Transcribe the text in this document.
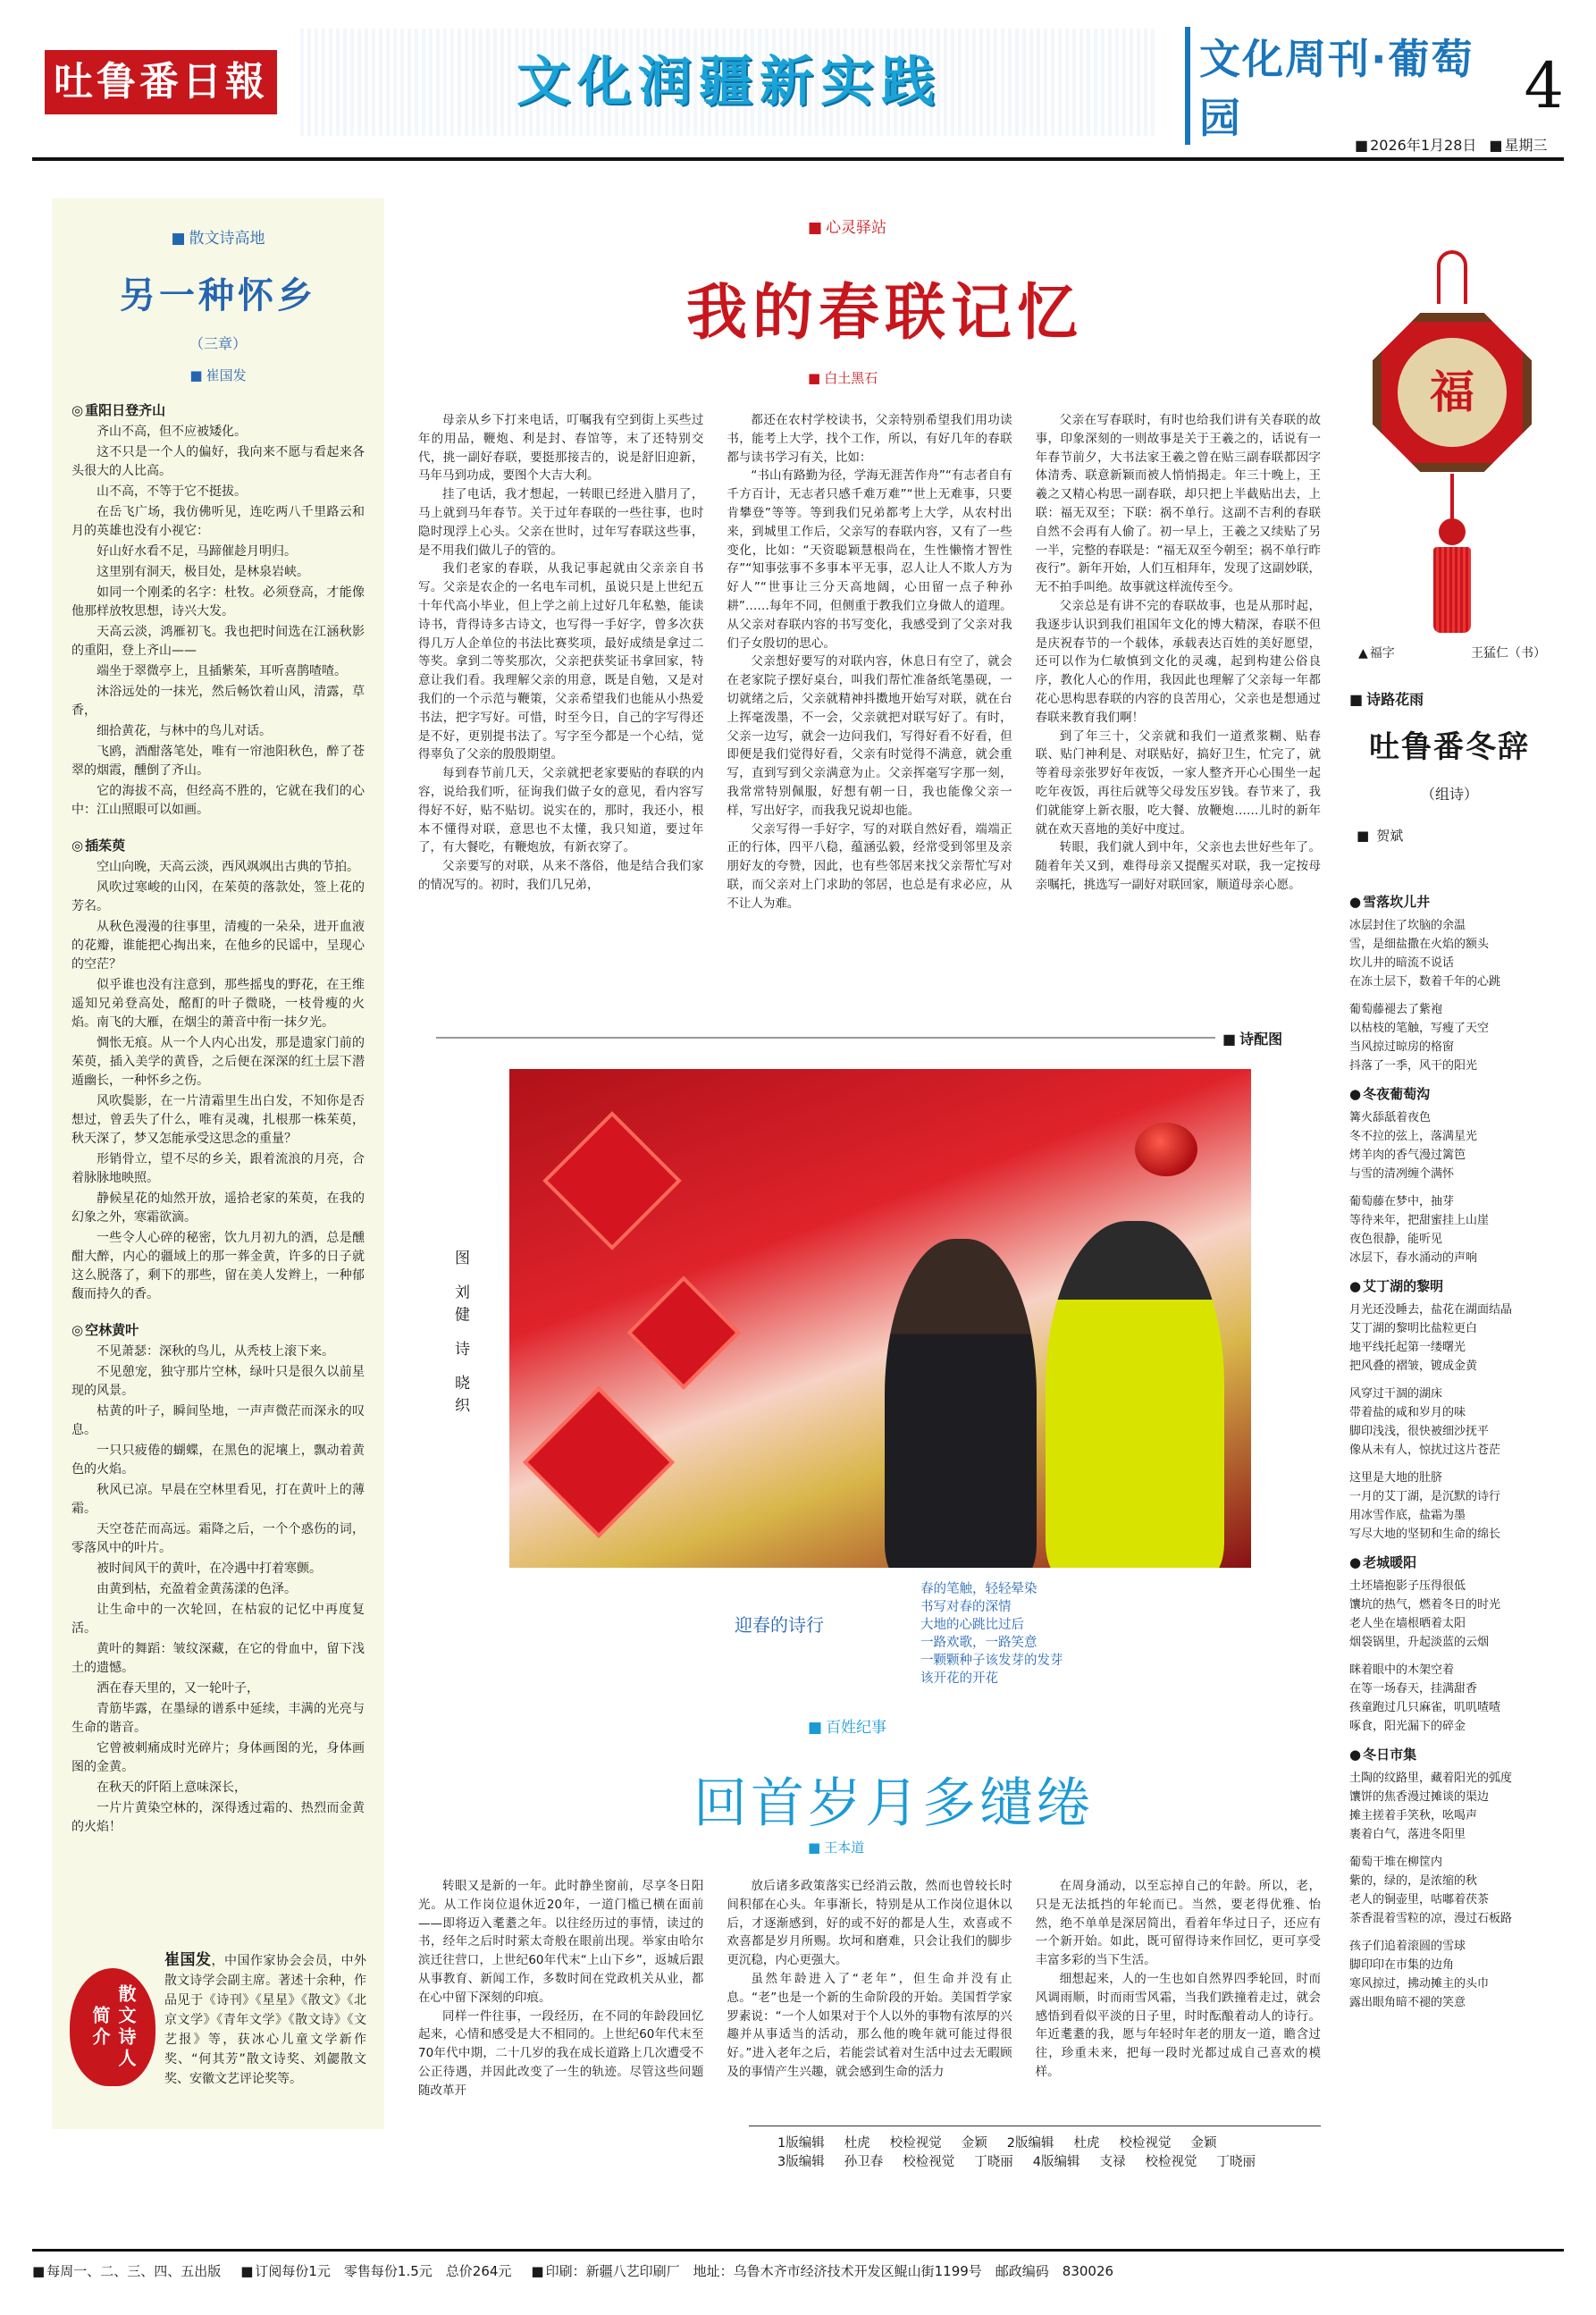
吐鲁番日報	文化润疆新实践	文化周刊·葡萄园	4
■ 2026年1月28日	■ 星期三
■ 散文诗高地
另一种怀乡
（三章）
■ 崔国发
◎ 重阳日登齐山

齐山不高，但不应被矮化。

这不只是一个人的偏好，我向来不愿与看起来各头很大的人比高。

山不高，不等于它不挺拔。

在岳飞广场，我仿佛听见，连吃两八千里路云和月的英雄也没有小视它：

好山好水看不足，马蹄催趁月明归。

这里别有洞天，极目处，是林泉岩峡。

如同一个刚柔的名字：杜牧。必须登高，才能像他那样放牧思想，诗兴大发。

天高云淡，鸿雁初飞。我也把时间选在江涵秋影的重阳，登上齐山——

端坐于翠微亭上，且插紫茱，耳听喜鹊喳喳。

沐浴远处的一抹光，然后畅饮着山风，清露，草香，

细拾黄花，与林中的鸟儿对话。

飞鸥，酒酣落笔处，唯有一帘池阳秋色，醉了苍翠的烟霞，醺倒了齐山。

它的海拔不高，但经高不胜的，它就在我们的心中：江山照眼可以如画。

◎ 插茱萸

空山向晚，天高云淡，西风飒飒出古典的节拍。

风吹过寒峻的山冈，在茱萸的落款处，签上花的芳名。

从秋色漫漫的往事里，清瘦的一朵朵，进开血液的花瓣，谁能把心掏出来，在他乡的民谣中，呈现心的空茫？

似乎谁也没有注意到，那些摇曳的野花，在王维遥知兄弟登高处，酩酊的叶子微晓，一枝骨瘦的火焰。南飞的大雁，在烟尘的萧音中衔一抹夕光。

惆怅无痕。从一个人内心出发，那是遗家门前的茱萸，插入美学的黄昏，之后便在深深的红土层下潜遁幽长，一种怀乡之伤。

风吹鬓影，在一片清霜里生出白发，不知你是否想过，曾丢失了什么，唯有灵魂，扎根那一株茱萸，秋天深了，梦又怎能承受这思念的重量？

形销骨立，望不尽的乡关，跟着流浪的月亮，合着脉脉地映照。

静候星花的灿然开放，遥拾老家的茱萸，在我的幻象之外，寒霜欲滴。

一些令人心碎的秘密，饮九月初九的酒，总是醺酣大醉，内心的疆域上的那一葬金黄，许多的日子就这么脱落了，剩下的那些，留在美人发辫上，一种郁馥而持久的香。

◎ 空林黄叶

不见萧瑟：深秋的鸟儿，从秃枝上滚下来。

不见憩宠，独守那片空林，绿叶只是很久以前星现的风景。

枯黄的叶子，瞬间坠地，一声声微茫而深永的叹息。

一只只疲倦的蝴蝶，在黑色的泥壤上，飘动着黄色的火焰。

秋风已凉。早晨在空林里看见，打在黄叶上的薄霜。

天空苍茫而高远。霜降之后，一个个惑伤的词，零落风中的叶片。

被时间风干的黄叶，在冷遇中打着寒颤。

由黄到枯，充盈着金黄荡漾的色泽。

让生命中的一次轮回，在枯寂的记忆中再度复活。

黄叶的舞蹈：皱纹深藏，在它的骨血中，留下浅土的遗憾。

洒在春天里的，又一轮叶子，

青筋毕露，在墨绿的谱系中延续，丰满的光亮与生命的谐音。

它曾被刺痛成时光碎片；身体画图的光，身体画图的金黄。

在秋天的阡陌上意味深长，

一片片黄染空林的，深得透过霜的、热烈而金黄的火焰！

散文诗人简介
崔国发，中国作家协会会员，中外散文诗学会副主席。著述十余种，作品见于《诗刊》《星星》《散文》《北京文学》《青年文学》《散文诗》《文艺报》等，获冰心儿童文学新作奖、“何其芳”散文诗奖、刘勰散文奖、安徽文艺评论奖等。
■ 心灵驿站
我的春联记忆
■ 白土黑石

母亲从乡下打来电话，叮嘱我有空到街上买些过年的用品，鞭炮、利是封、春馆等，末了还特别交代，挑一副好春联，要挺那接吉的，说是舒旧迎新，马年马到功成，要图个大吉大利。

挂了电话，我才想起，一转眼已经进入腊月了，马上就到马年春节。关于过年春联的一些往事，也时隐时现浮上心头。父亲在世时，过年写春联这些事，是不用我们做儿子的管的。

我们老家的春联，从我记事起就由父亲亲自书写。父亲是农企的一名电车司机，虽说只是上世纪五十年代高小毕业，但上学之前上过好几年私塾，能读诗书，背得诗多古诗文，也写得一手好字，曾多次获得几万人企单位的书法比赛奖项，最好成绩是拿过二等奖。拿到二等奖那次，父亲把获奖证书拿回家，特意让我们看。我理解父亲的用意，既是自勉，又是对我们的一个示范与鞭策，父亲希望我们也能从小热爱书法，把字写好。可惜，时至今日，自己的字写得还是不好，更别提书法了。写字至今都是一个心结，觉得辜负了父亲的殷殷期望。

每到春节前几天，父亲就把老家要贴的春联的内容，说给我们听，征询我们做子女的意见，看内容写得好不好，贴不贴切。说实在的，那时，我还小，根本不懂得对联，意思也不太懂，我只知道，要过年了，有大餐吃，有鞭炮放，有新衣穿了。

父亲要写的对联，从来不落俗，他是结合我们家的情况写的。初时，我们几兄弟，

都还在农村学校读书，父亲特别希望我们用功读书，能考上大学，找个工作，所以，有好几年的春联都与读书学习有关，比如：

“书山有路勤为径，学海无涯苦作舟”“有志者自有千方百计，无志者只感千难万难”“世上无难事，只要肯攀登”等等。等到我们兄弟都考上大学，从农村出来，到城里工作后，父亲写的春联内容，又有了一些变化，比如：“天资聪颖慧根尚在，生性懒惰才智性存”“知事弦事不多事本平无事，忍人让人不欺人方为好人”“世事让三分天高地阔，心田留一点子种孙耕”……每年不同，但侧重于教我们立身做人的道理。从父亲对春联内容的书写变化，我感受到了父亲对我们子女殷切的思心。

父亲想好要写的对联内容，休息日有空了，就会在老家院子摆好桌台，叫我们帮忙准备纸笔墨砚，一切就绪之后，父亲就精神抖擞地开始写对联，就在台上挥毫泼墨，不一会，父亲就把对联写好了。有时，父亲一边写，就会一边问我们，写得好看不好看，但即便是我们觉得好看，父亲有时觉得不满意，就会重写，直到写到父亲满意为止。父亲挥毫写字那一刻，我常常特别佩服，好想有朝一日，我也能像父亲一样，写出好字，而我我兄说却也能。

父亲写得一手好字，写的对联自然好看，端端正正的行体，四平八稳，蕴涵弘毅，经常受到邻里及亲朋好友的夸赞，因此，也有些邻居来找父亲帮忙写对联，而父亲对上门求助的邻居，也总是有求必应，从不让人为难。

父亲在写春联时，有时也给我们讲有关春联的故事，印象深刻的一则故事是关于王羲之的，话说有一年春节前夕，大书法家王羲之曾在贴三副春联都因字体清秀、联意新颖而被人悄悄揭走。年三十晚上，王羲之又精心构思一副春联，却只把上半截贴出去，上联：福无双至；下联：祸不单行。这副不吉利的春联自然不会再有人偷了。初一早上，王羲之又续贴了另一半，完整的春联是：“福无双至今朝至；祸不单行昨夜行”。新年开始，人们互相拜年，发现了这副妙联，无不拍手叫绝。故事就这样流传至今。

父亲总是有讲不完的春联故事，也是从那时起，我逐步认识到我们祖国年文化的博大精深，春联不但是庆祝春节的一个载体，承载表达百姓的美好愿望，还可以作为仁敏慎到文化的灵魂，起到构建公俗良序，教化人心的作用，我因此也理解了父亲每一年都花心思构思春联的内容的良苦用心，父亲也是想通过春联来教育我们啊！

到了年三十，父亲就和我们一道煮浆糊、贴春联、贴门神利是、对联贴好，搞好卫生，忙完了，就等着母亲张罗好年夜饭，一家人整齐开心心围坐一起吃年夜饭，再往后就等父母发压岁钱。春节来了，我们就能穿上新衣服，吃大餐、放鞭炮……儿时的新年就在欢天喜地的美好中度过。

转眼，我们就人到中年，父亲也去世好些年了。随着年关又到，难得母亲又提醒买对联，我一定按母亲嘱托，挑选写一副好对联回家，顺道母亲心愿。

■ 诗配图
图 刘健 诗 晓织
迎春的诗行
春的笔触，轻轻晕染
书写对春的深情
大地的心跳比过后
一路欢歌，一路笑意
一颗颗种子该发芽的发芽
该开花的开花
■ 百姓纪事
回首岁月多缱绻
■ 王本道

转眼又是新的一年。此时静坐窗前，尽享冬日阳光。从工作岗位退休近20年，一道门槛已横在面前——即将迈入耄耋之年。以往经历过的事情，读过的书，经年之后时时萦太奇般在眼前出现。举家由哈尔滨迁往营口，上世纪60年代末“上山下乡”，返城后跟从事教育、新闻工作，多数时间在党政机关从业，都在心中留下深刻的印痕。

同样一件往事，一段经历，在不同的年龄段回忆起来，心情和感受是大不相同的。上世纪60年代末至70年代中期，二十几岁的我在成长道路上几次遭受不公正待遇，并因此改变了一生的轨迹。尽管这些问题随改革开

放后诸多政策落实已经消云散，然而也曾较长时间积郁在心头。年事渐长，特别是从工作岗位退休以后，才逐渐感到，好的或不好的都是人生，欢喜或不欢喜都是岁月所赐。坎坷和磨难，只会让我们的脚步更沉稳，内心更强大。

虽然年龄进入了“老年”，但生命并没有止息。“老”也是一个新的生命阶段的开始。美国哲学家罗素说：“一个人如果对于个人以外的事物有浓厚的兴趣并从事适当的活动，那么他的晚年就可能过得很好。”进入老年之后，若能尝试着对生活中过去无暇顾及的事情产生兴趣，就会感到生命的活力

在周身涌动，以至忘掉自己的年龄。所以，老，只是无法抵挡的年轮而已。当然，要老得优雅、怡然，绝不单单是深居简出，看着年华过日子，还应有一个新开始。如此，既可留得诗来作回忆，更可享受丰富多彩的当下生活。

细想起来，人的一生也如自然界四季轮回，时而风调雨顺，时而雨雪风霜，当我们跌撞着走过，就会感悟到看似平淡的日子里，时时酝酿着动人的诗行。年近耄耋的我，愿与年轻时年老的朋友一道，瞻含过往，珍重未来，把每一段时光都过成自己喜欢的模样。

1版编辑 杜虎 校检视觉 金颖 2版编辑 杜虎 校检视觉 金颖
3版编辑 孙卫春 校检视觉 丁晓丽 4版编辑 支禄 校检视觉 丁晓丽
福
▲ 福字	王猛仁（书）
■ 诗路花雨
吐鲁番冬辞
（组诗）
■ 贺斌
● 雪落坎儿井
冰层封住了坎脑的余温
雪，是细盐撒在火焰的额头
坎儿井的暗流不说话
在冻土层下，数着千年的心跳
葡萄藤褪去了紫袍
以枯枝的笔触，写瘦了天空
当风掠过晾房的格窗
抖落了一季，风干的阳光
● 冬夜葡萄沟
篝火舔舐着夜色
冬不拉的弦上，落满星光
烤羊肉的香气漫过篱笆
与雪的清冽缠个满怀
葡萄藤在梦中，抽芽
等待来年，把甜蜜挂上山崖
夜色很静，能听见
冰层下，春水涌动的声响
● 艾丁湖的黎明
月光还没睡去，盐花在湖面结晶
艾丁湖的黎明比盐粒更白
地平线托起第一缕曙光
把风叠的褶皱，镀成金黄
风穿过干涸的湖床
带着盐的咸和岁月的味
脚印浅浅，很快被细沙抚平
像从未有人，惊扰过这片苍茫
这里是大地的肚脐
一月的艾丁湖，是沉默的诗行
用冰雪作底，盐霜为墨
写尽大地的坚韧和生命的绵长
● 老城暖阳
土坯墙抱影子压得很低
馕坑的热气，燃着冬日的时光
老人坐在墙根晒着太阳
烟袋锅里，升起淡蓝的云烟
眯着眼中的木架空着
在等一场春天，挂满甜香
孩童跑过几只麻雀，叽叽喳喳
啄食，阳光漏下的碎金
● 冬日市集
土陶的纹路里，藏着阳光的弧度
馕饼的焦香漫过摊谈的渠边
摊主搓着手笑秋，吆喝声
裹着白气，落进冬阳里
葡萄干堆在柳筐内
紫的，绿的，是浓缩的秋
老人的铜壶里，咕嘟着茯茶
茶香混着雪粒的凉，漫过石板路
孩子们追着滚圆的雪球
脚印印在市集的边角
寒风掠过，拂动摊主的头巾
露出眼角暗不褪的笑意
■ 每周一、二、三、四、五出版	■ 订阅每份1元　零售每份1.5元　总价264元	■ 印刷：新疆八艺印刷厂　地址：乌鲁木齐市经济技术开发区鲲山街1199号　邮政编码　830026
